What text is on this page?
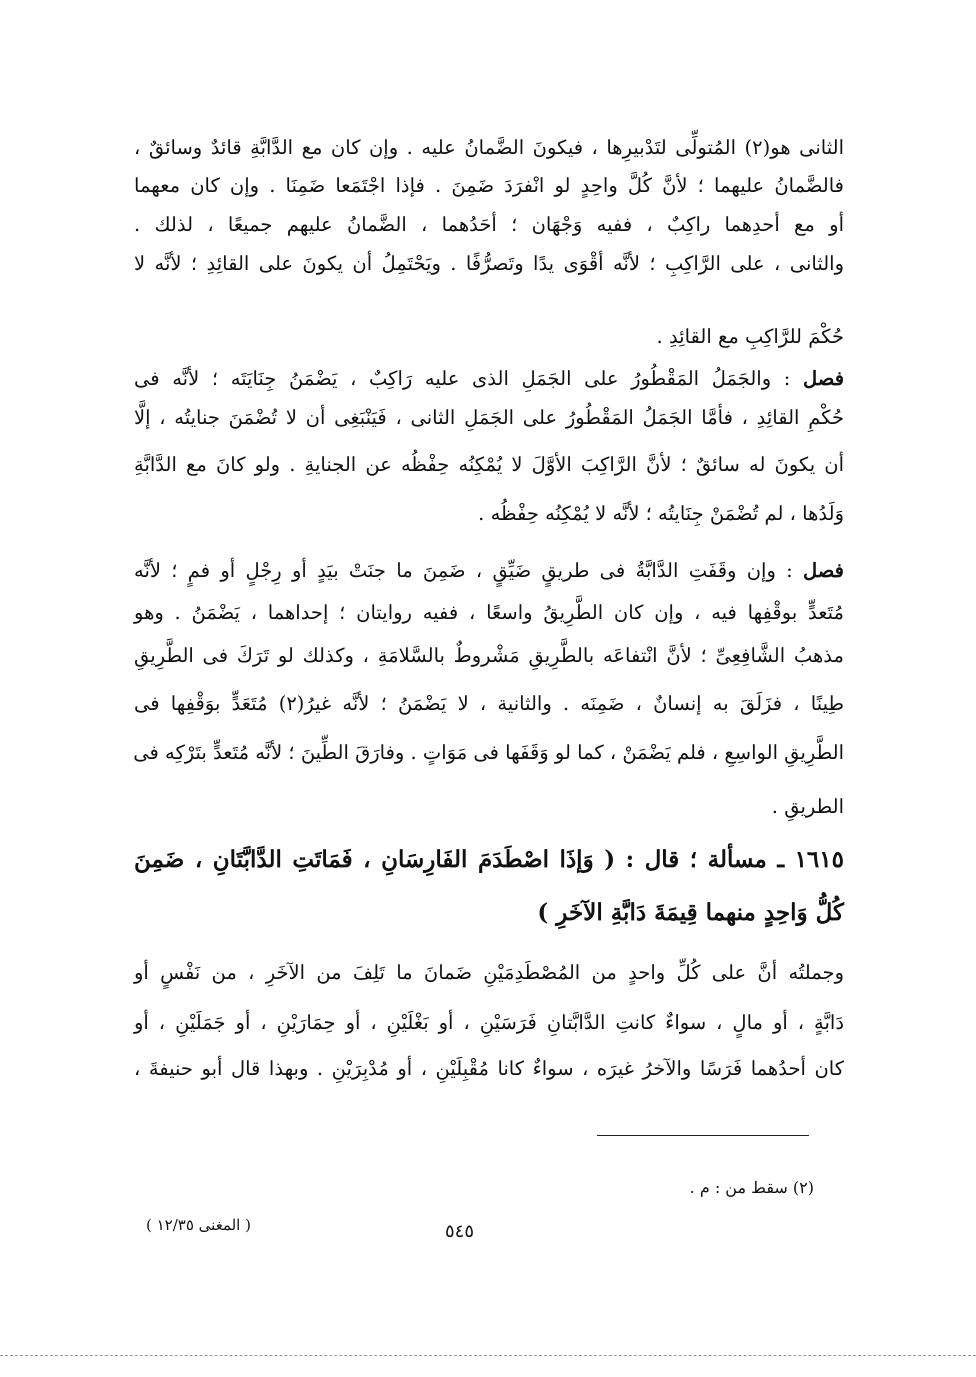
الثانى هو(٢) المُتولِّى لتَدْبيرِها ، فيكونَ الضَّمانُ عليه . وإن كان مع الدَّابَّةِ قائدٌ وسائقٌ ،
فالضَّمانُ عليهما ؛ لأنَّ كُلَّ واحِدٍ لو انْفرَدَ ضَمِنَ . فإذا اجْتَمَعا ضَمِنَا . وإن كان معهما
أو مع أحدِهما راكِبٌ ، ففيه وَجْهَان ؛ أحَدُهما ، الضَّمانُ عليهم جميعًا ، لذلك .
والثانى ، على الرَّاكِبِ ؛ لأنَّه أقْوَى يدًا وتَصرُّفًا . ويَحْتَمِلُ أن يكونَ على القائِدِ ؛ لأنَّه لا
حُكْمَ للرَّاكِبِ مع القائِدِ .
فصل : والجَمَلُ المَقْطُورُ على الجَمَلِ الذى عليه رَاكِبٌ ، يَضْمَنُ جِنَايَتَه ؛ لأنَّه فى
حُكْمِ القائِدِ ، فأمَّا الجَمَلُ المَقْطُورُ على الجَمَلِ الثانى ، فَيَنْبَغِى أن لا تُضْمَنَ جنايتُه ، إلَّا
أن يكونَ له سائقٌ ؛ لأنَّ الرَّاكِبَ الأوَّلَ لا يُمْكِنُه حِفْظُه عن الجنايةِ . ولو كانَ مع الدَّابَّةِ
وَلَدُها ، لم تُضْمَنْ جِنَايتُه ؛ لأنَّه لا يُمْكِنُه حِفْظُه .
فصل : وإن وقَفَتِ الدَّابَّةُ فى طريقٍ ضَيِّقٍ ، ضَمِنَ ما جنَتْ بيَدٍ أو رِجْلٍ أو فمٍ ؛ لأنَّه
مُتَعدٍّ بوقْفِها فيه ، وإن كان الطَّرِيقُ واسعًا ، ففيه روايتان ؛ إحداهما ، يَضْمَنُ . وهو
مذهبُ الشَّافِعِىِّ ؛ لأنَّ انْتفاعَه بالطَّرِيقِ مَشْروطٌ بالسَّلامَةِ ، وكذلك لو تَرَكَ فى الطَّرِيقِ
طِينًا ، فزَلَقَ به إنسانٌ ، ضَمِنَه . والثانية ، لا يَضْمَنُ ؛ لأنَّه غيرُ(٢) مُتَعَدٍّ بوَقْفِها فى
الطَّرِيقِ الواسِعِ ، فلم يَضْمَنْ ، كما لو وَقَفَها فى مَوَاتٍ . وفارَقَ الطِّينَ ؛ لأنَّه مُتَعدٍّ بتَرْكِه فى
الطريقِ .
١٦١٥ ـ مسألة ؛ قال : ( وَإذَا اصْطَدَمَ الفَارِسَانِ ، فَمَاتَتِ الدَّابَّتَانِ ، ضَمِنَ
كُلُّ وَاحِدٍ منهما قِيمَةَ دَابَّةِ الآخَرِ )
وجملتُه أنَّ على كُلِّ واحدٍ من المُصْطَدِمَيْنِ ضَمانَ ما تَلِفَ من الآخَرِ ، من نَفْسٍ أو
دَابَّةٍ ، أو مالٍ ، سواءٌ كانتِ الدَّابَّتانِ فَرَسَيْنِ ، أو بَغْلَيْنِ ، أو حِمَارَيْنِ ، أو جَمَلَيْنِ ، أو
كان أحدُهما فَرَسًا والآخرُ غيرَه ، سواءٌ كانا مُقْبِلَيْنِ ، أو مُدْبِرَيْنِ . وبهذا قال أبو حنيفةَ ،
(٢) سقط من : م .
٥٤٥
( المغنى ١٢/٣٥ )
